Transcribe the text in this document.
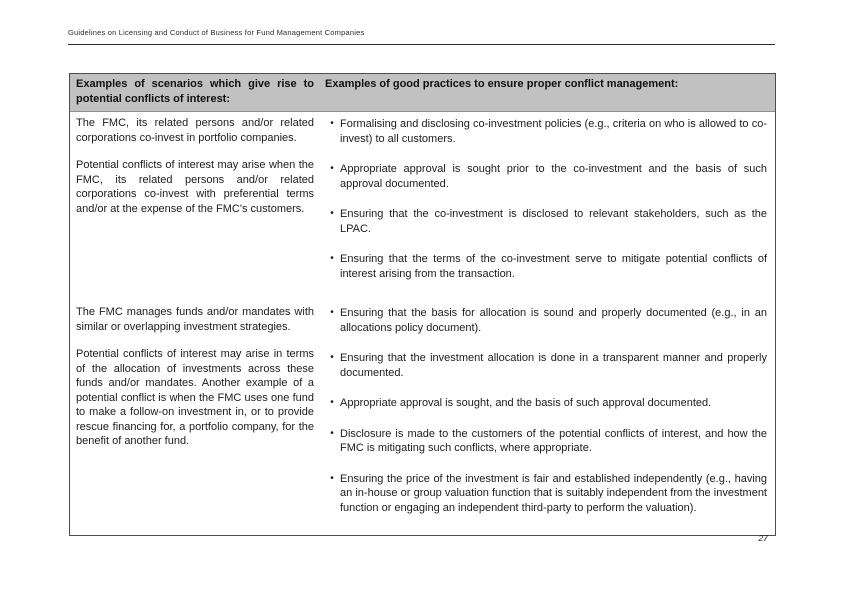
Guidelines on Licensing and Conduct of Business for Fund Management Companies
Examples of scenarios which give rise to potential conflicts of interest:
Examples of good practices to ensure proper conflict management:

The FMC, its related persons and/or related corporations co-invest in portfolio companies.

Potential conflicts of interest may arise when the FMC, its related persons and/or related corporations co-invest with preferential terms and/or at the expense of the FMC's customers.

• Formalising and disclosing co-investment policies (e.g., criteria on who is allowed to co-invest) to all customers.
• Appropriate approval is sought prior to the co-investment and the basis of such approval documented.
• Ensuring that the co-investment is disclosed to relevant stakeholders, such as the LPAC.
• Ensuring that the terms of the co-investment serve to mitigate potential conflicts of interest arising from the transaction.

The FMC manages funds and/or mandates with similar or overlapping investment strategies.

Potential conflicts of interest may arise in terms of the allocation of investments across these funds and/or mandates. Another example of a potential conflict is when the FMC uses one fund to make a follow-on investment in, or to provide rescue financing for, a portfolio company, for the benefit of another fund.

• Ensuring that the basis for allocation is sound and properly documented (e.g., in an allocations policy document).
• Ensuring that the investment allocation is done in a transparent manner and properly documented.
• Appropriate approval is sought, and the basis of such approval documented.
• Disclosure is made to the customers of the potential conflicts of interest, and how the FMC is mitigating such conflicts, where appropriate.
• Ensuring the price of the investment is fair and established independently (e.g., having an in-house or group valuation function that is suitably independent from the investment function or engaging an independent third-party to perform the valuation).
27
